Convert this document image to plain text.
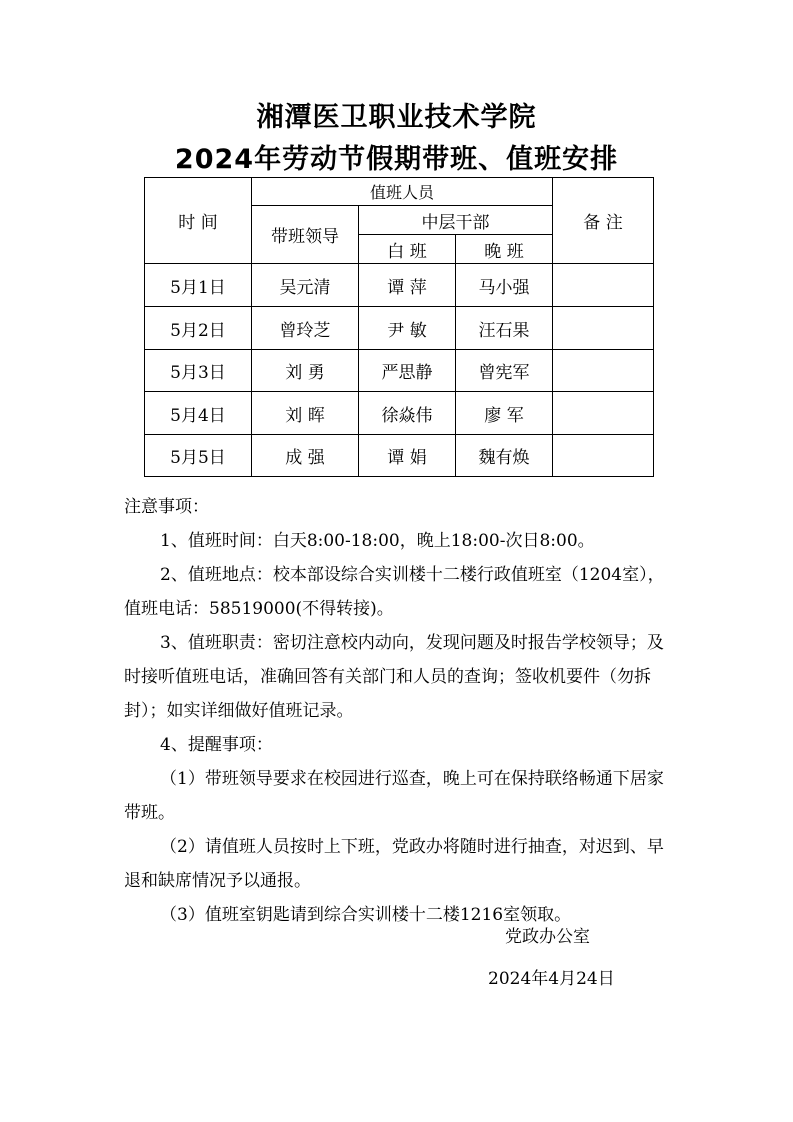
湘潭医卫职业技术学院
2024年劳动节假期带班、值班安排
时 间	值班人员			备 注
	带班领导	中层干部		
		白 班	晚 班	
5月1日	吴元清	谭 萍	马小强	
5月2日	曾玲芝	尹 敏	汪石果	
5月3日	刘 勇	严思静	曾宪军	
5月4日	刘 晖	徐焱伟	廖 军	
5月5日	成 强	谭 娟	魏有焕	

注意事项：

1、值班时间：白天8:00-18:00，晚上18:00-次日8:00。

2、值班地点：校本部设综合实训楼十二楼行政值班室（1204室），值班电话：58519000(不得转接)。

3、值班职责：密切注意校内动向，发现问题及时报告学校领导；及时接听值班电话，准确回答有关部门和人员的查询；签收机要件（勿拆封）；如实详细做好值班记录。

4、提醒事项：

（1）带班领导要求在校园进行巡查，晚上可在保持联络畅通下居家带班。

（2）请值班人员按时上下班，党政办将随时进行抽查，对迟到、早退和缺席情况予以通报。

（3）值班室钥匙请到综合实训楼十二楼1216室领取。

党政办公室
2024年4月24日
